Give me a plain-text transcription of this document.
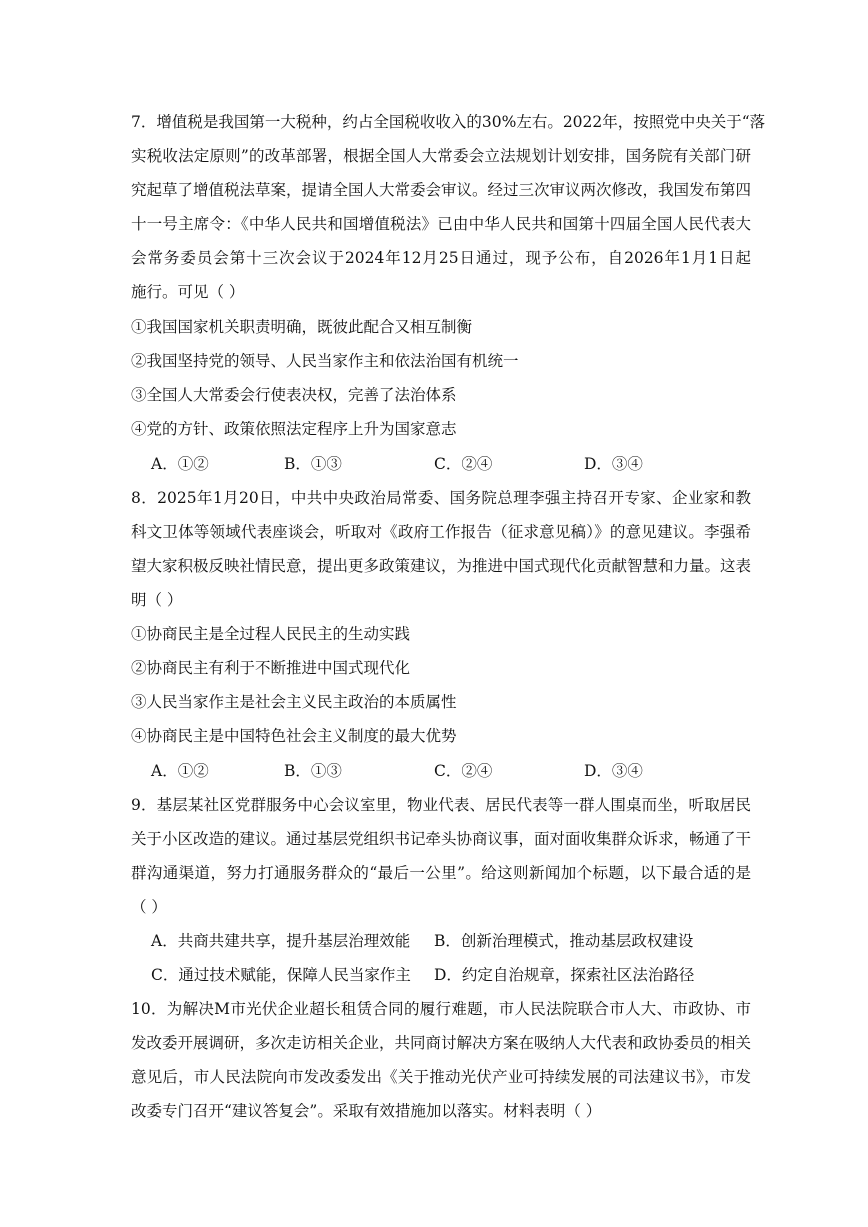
7．增值税是我国第一大税种，约占全国税收收入的30%左右。2022年，按照党中央关于“落
实税收法定原则”的改革部署，根据全国人大常委会立法规划计划安排，国务院有关部门研
究起草了增值税法草案，提请全国人大常委会审议。经过三次审议两次修改，我国发布第四
十一号主席令：《中华人民共和国增值税法》已由中华人民共和国第十四届全国人民代表大
会常务委员会第十三次会议于2024年12月25日通过，现予公布，自2026年1月1日起
施行。可见（ ）
①我国国家机关职责明确，既彼此配合又相互制衡
②我国坚持党的领导、人民当家作主和依法治国有机统一
③全国人大常委会行使表决权，完善了法治体系
④党的方针、政策依照法定程序上升为国家意志
A．①②	B．①③	C．②④	D．③④
8．2025年1月20日，中共中央政治局常委、国务院总理李强主持召开专家、企业家和教
科文卫体等领域代表座谈会，听取对《政府工作报告（征求意见稿）》的意见建议。李强希
望大家积极反映社情民意，提出更多政策建议，为推进中国式现代化贡献智慧和力量。这表
明（ ）
①协商民主是全过程人民民主的生动实践
②协商民主有利于不断推进中国式现代化
③人民当家作主是社会主义民主政治的本质属性
④协商民主是中国特色社会主义制度的最大优势
A．①②	B．①③	C．②④	D．③④
9．基层某社区党群服务中心会议室里，物业代表、居民代表等一群人围桌而坐，听取居民
关于小区改造的建议。通过基层党组织书记牵头协商议事，面对面收集群众诉求，畅通了干
群沟通渠道，努力打通服务群众的“最后一公里”。给这则新闻加个标题，以下最合适的是
（ ）
A．共商共建共享，提升基层治理效能 B．创新治理模式，推动基层政权建设
C．通过技术赋能，保障人民当家作主 D．约定自治规章，探索社区法治路径
10．为解决M市光伏企业超长租赁合同的履行难题，市人民法院联合市人大、市政协、市
发改委开展调研，多次走访相关企业，共同商讨解决方案在吸纳人大代表和政协委员的相关
意见后，市人民法院向市发改委发出《关于推动光伏产业可持续发展的司法建议书》，市发
改委专门召开“建议答复会”。采取有效措施加以落实。材料表明（ ）
